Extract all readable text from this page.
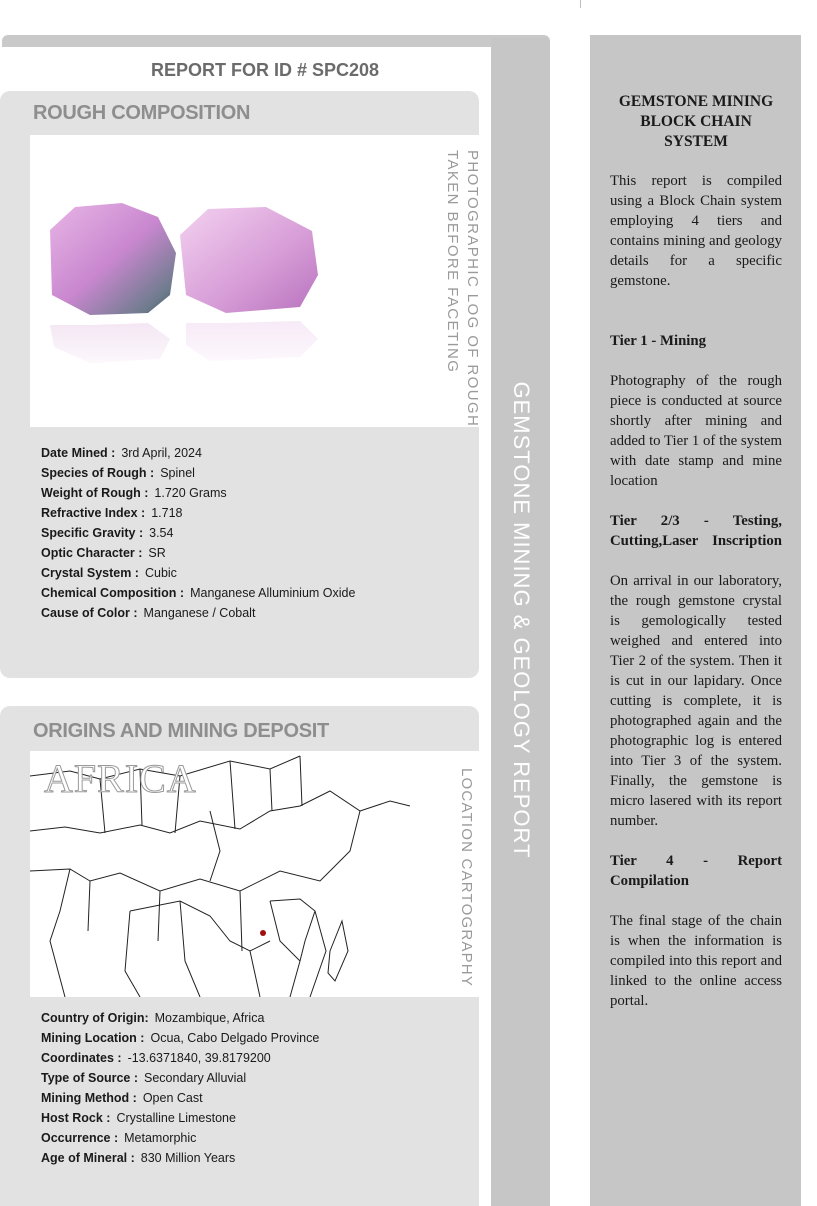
GEMSTONE MINING & GEOLOGY REPORT
REPORT FOR ID # SPC208
ROUGH COMPOSITION
PHOTOGRAPHIC LOG OF ROUGH
TAKEN BEFORE FACETING
Date Mined : 3rd April, 2024
Species of Rough : Spinel
Weight of Rough : 1.720 Grams
Refractive Index : 1.718
Specific Gravity : 3.54
Optic Character : SR
Crystal System : Cubic
Chemical Composition : Manganese Alluminium Oxide
Cause of Color : Manganese / Cobalt
ORIGINS AND MINING DEPOSIT
AFRICA	LOCATION CARTOGRAPHY
Country of Origin: Mozambique, Africa
Mining Location : Ocua, Cabo Delgado Province
Coordinates : -13.6371840, 39.8179200
Type of Source : Secondary Alluvial
Mining Method : Open Cast
Host Rock : Crystalline Limestone
Occurrence : Metamorphic
Age of Mineral : 830 Million Years
GEMSTONE MINING BLOCK CHAIN SYSTEM

This report is compiled using a Block Chain system employing 4 tiers and contains mining and geology details for a specific gemstone.

Tier 1 - Mining

Photography of the rough piece is conducted at source shortly after mining and added to Tier 1 of the system with date stamp and mine location

Tier 2/3 - Testing, Cutting,Laser Inscription

On arrival in our laboratory, the rough gemstone crystal is gemologically tested weighed and entered into Tier 2 of the system. Then it is cut in our lapidary. Once cutting is complete, it is photographed again and the photographic log is entered into Tier 3 of the system. Finally, the gemstone is micro lasered with its report number.

Tier 4 - Report Compilation

The final stage of the chain is when the information is compiled into this report and linked to the online access portal.
